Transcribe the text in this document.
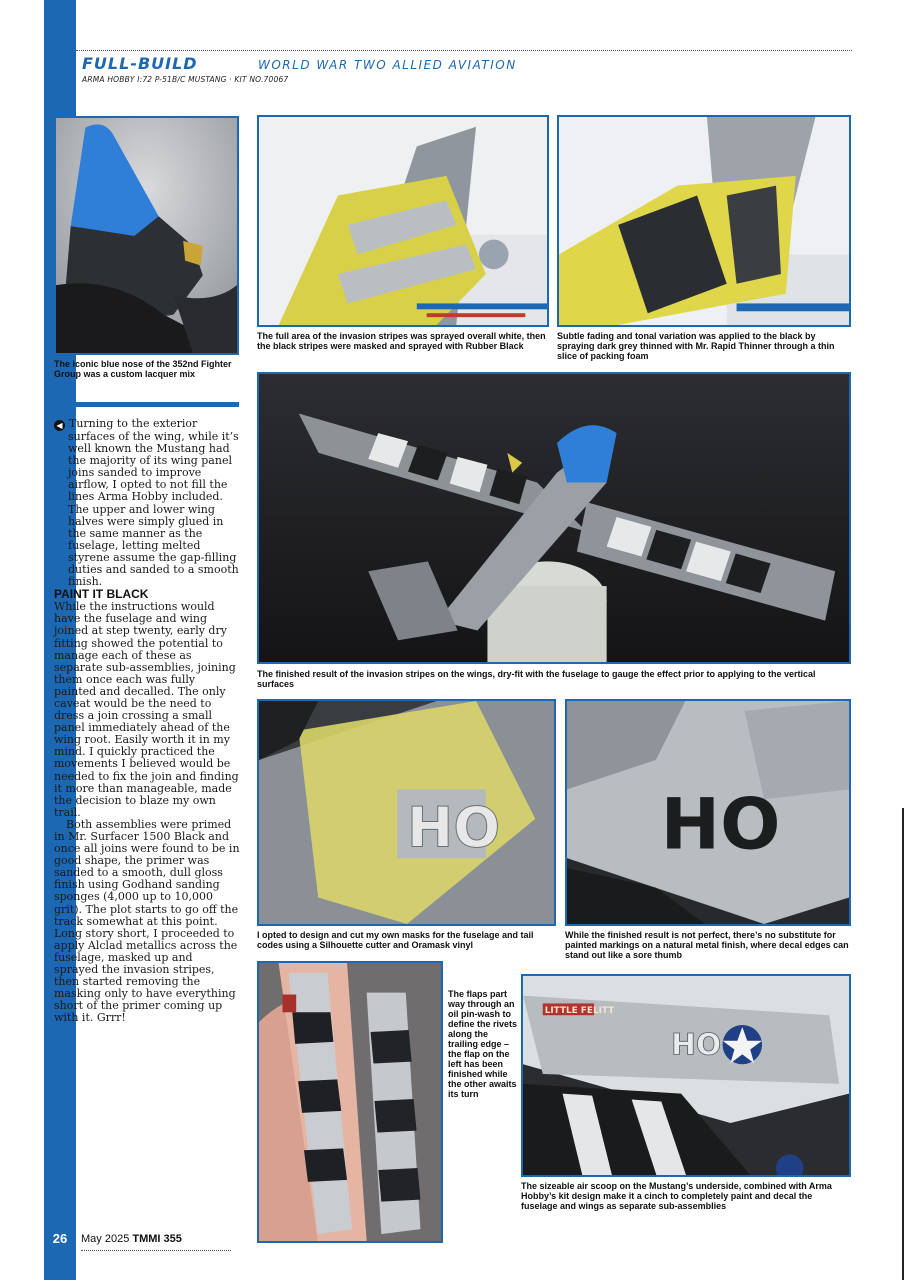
FULL-BUILD	WORLD WAR TWO ALLIED AVIATION
ARMA HOBBY I:72 P-51B/C MUSTANG · KIT NO.70067
The iconic blue nose of the 352nd Fighter Group was a custom lacquer mix
The full area of the invasion stripes was sprayed overall white, then the black stripes were masked and sprayed with Rubber Black
Subtle fading and tonal variation was applied to the black by spraying dark grey thinned with Mr. Rapid Thinner through a thin slice of packing foam
The finished result of the invasion stripes on the wings, dry-fit with the fuselage to gauge the effect prior to applying to the vertical surfaces
HO
I opted to design and cut my own masks for the fuselage and tail codes using a Silhouette cutter and Oramask vinyl
HO
While the finished result is not perfect, there’s no substitute for painted markings on a natural metal finish, where decal edges can stand out like a sore thumb
The flaps part way through an oil pin-wash to define the rivets along the trailing edge – the flap on the left has been finished while the other awaits its turn
LITTLE FELITT
HO
The sizeable air scoop on the Mustang’s underside, combined with Arma Hobby’s kit design make it a cinch to completely paint and decal the fuselage and wings as separate sub-assemblies

◀ Turning to the exterior surfaces of the wing, while it’s well known the Mustang had the majority of its wing panel joins sanded to improve airflow, I opted to not fill the lines Arma Hobby included. The upper and lower wing halves were simply glued in the same manner as the fuselage, letting melted styrene assume the gap-filling duties and sanded to a smooth finish.

PAINT IT BLACK

While the instructions would have the fuselage and wing joined at step twenty, early dry fitting showed the potential to manage each of these as separate sub-assemblies, joining them once each was fully painted and decalled. The only caveat would be the need to dress a join crossing a small panel immediately ahead of the wing root. Easily worth it in my mind. I quickly practiced the movements I believed would be needed to fix the join and finding it more than manageable, made the decision to blaze my own trail.

Both assemblies were primed in Mr. Surfacer 1500 Black and once all joins were found to be in good shape, the primer was sanded to a smooth, dull gloss finish using Godhand sanding sponges (4,000 up to 10,000 grit). The plot starts to go off the track somewhat at this point. Long story short, I proceeded to apply Alclad metallics across the fuselage, masked up and sprayed the invasion stripes, then started removing the masking only to have everything short of the primer coming up with it. Grrr!

26	May 2025 TMMI 355
